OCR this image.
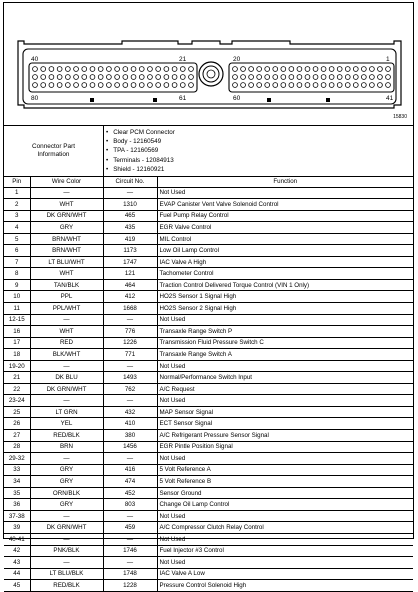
40	21	20	1
80	61	60	41
15830
Connector Part
Information
• Clear PCM Connector
• Body - 12160549
• TPA - 12160569
• Terminals - 12084913
• Shield - 12160921
Pin	Wire Color	Circuit No.	Function
1	—	—	Not Used
2	WHT	1310	EVAP Canister Vent Valve Solenoid Control
3	DK GRN/WHT	465	Fuel Pump Relay Control
4	GRY	435	EGR Valve Control
5	BRN/WHT	419	MIL Control
6	BRN/WHT	1173	Low Oil Lamp Control
7	LT BLU/WHT	1747	IAC Valve A High
8	WHT	121	Tachometer Control
9	TAN/BLK	464	Traction Control Delivered Torque Control (VIN 1 Only)
10	PPL	412	HO2S Sensor 1 Signal High
11	PPL/WHT	1668	HO2S Sensor 2 Signal High
12-15	—	—	Not Used
16	WHT	776	Transaxle Range Switch P
17	RED	1226	Transmission Fluid Pressure Switch C
18	BLK/WHT	771	Transaxle Range Switch A
19-20	—	—	Not Used
21	DK BLU	1493	Normal/Performance Switch Input
22	DK GRN/WHT	762	A/C Request
23-24	—	—	Not Used
25	LT GRN	432	MAP Sensor Signal
26	YEL	410	ECT Sensor Signal
27	RED/BLK	380	A/C Refrigerant Pressure Sensor Signal
28	BRN	1456	EGR Pintle Position Signal
29-32	—	—	Not Used
33	GRY	416	5 Volt Reference A
34	GRY	474	5 Volt Reference B
35	ORN/BLK	452	Sensor Ground
36	GRY	803	Change Oil Lamp Control
37-38	—	—	Not Used
39	DK GRN/WHT	459	A/C Compressor Clutch Relay Control
40-41	—	—	Not Used
42	PNK/BLK	1746	Fuel Injector #3 Control
43	—	—	Not Used
44	LT BLU/BLK	1748	IAC Valve A Low
45	RED/BLK	1228	Pressure Control Solenoid High
